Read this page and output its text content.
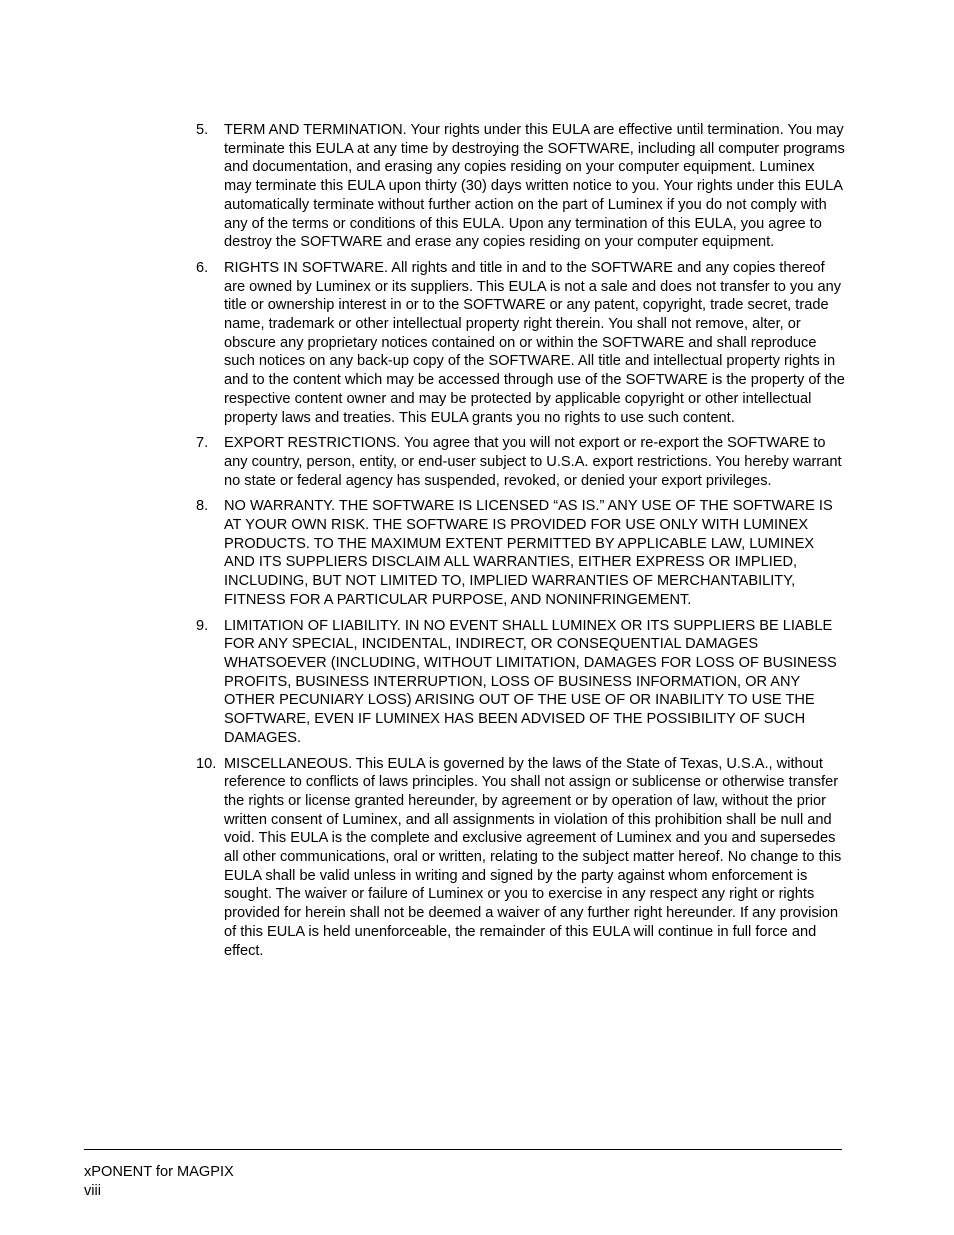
5. TERM AND TERMINATION. Your rights under this EULA are effective until termination. You may terminate this EULA at any time by destroying the SOFTWARE, including all computer programs and documentation, and erasing any copies residing on your computer equipment. Luminex may terminate this EULA upon thirty (30) days written notice to you. Your rights under this EULA automatically terminate without further action on the part of Luminex if you do not comply with any of the terms or conditions of this EULA. Upon any termination of this EULA, you agree to destroy the SOFTWARE and erase any copies residing on your computer equipment.
6. RIGHTS IN SOFTWARE. All rights and title in and to the SOFTWARE and any copies thereof are owned by Luminex or its suppliers. This EULA is not a sale and does not transfer to you any title or ownership interest in or to the SOFTWARE or any patent, copyright, trade secret, trade name, trademark or other intellectual property right therein. You shall not remove, alter, or obscure any proprietary notices contained on or within the SOFTWARE and shall reproduce such notices on any back-up copy of the SOFTWARE. All title and intellectual property rights in and to the content which may be accessed through use of the SOFTWARE is the property of the respective content owner and may be protected by applicable copyright or other intellectual property laws and treaties. This EULA grants you no rights to use such content.
7. EXPORT RESTRICTIONS. You agree that you will not export or re-export the SOFTWARE to any country, person, entity, or end-user subject to U.S.A. export restrictions. You hereby warrant no state or federal agency has suspended, revoked, or denied your export privileges.
8. NO WARRANTY. THE SOFTWARE IS LICENSED “AS IS.” ANY USE OF THE SOFTWARE IS AT YOUR OWN RISK. THE SOFTWARE IS PROVIDED FOR USE ONLY WITH LUMINEX PRODUCTS. TO THE MAXIMUM EXTENT PERMITTED BY APPLICABLE LAW, LUMINEX AND ITS SUPPLIERS DISCLAIM ALL WARRANTIES, EITHER EXPRESS OR IMPLIED, INCLUDING, BUT NOT LIMITED TO, IMPLIED WARRANTIES OF MERCHANTABILITY, FITNESS FOR A PARTICULAR PURPOSE, AND NONINFRINGEMENT.
9. LIMITATION OF LIABILITY. IN NO EVENT SHALL LUMINEX OR ITS SUPPLIERS BE LIABLE FOR ANY SPECIAL, INCIDENTAL, INDIRECT, OR CONSEQUENTIAL DAMAGES WHATSOEVER (INCLUDING, WITHOUT LIMITATION, DAMAGES FOR LOSS OF BUSINESS PROFITS, BUSINESS INTERRUPTION, LOSS OF BUSINESS INFORMATION, OR ANY OTHER PECUNIARY LOSS) ARISING OUT OF THE USE OF OR INABILITY TO USE THE SOFTWARE, EVEN IF LUMINEX HAS BEEN ADVISED OF THE POSSIBILITY OF SUCH DAMAGES.
10. MISCELLANEOUS. This EULA is governed by the laws of the State of Texas, U.S.A., without reference to conflicts of laws principles. You shall not assign or sublicense or otherwise transfer the rights or license granted hereunder, by agreement or by operation of law, without the prior written consent of Luminex, and all assignments in violation of this prohibition shall be null and void. This EULA is the complete and exclusive agreement of Luminex and you and supersedes all other communications, oral or written, relating to the subject matter hereof. No change to this EULA shall be valid unless in writing and signed by the party against whom enforcement is sought. The waiver or failure of Luminex or you to exercise in any respect any right or rights provided for herein shall not be deemed a waiver of any further right hereunder. If any provision of this EULA is held unenforceable, the remainder of this EULA will continue in full force and effect.
xPONENT for MAGPIX
viii
